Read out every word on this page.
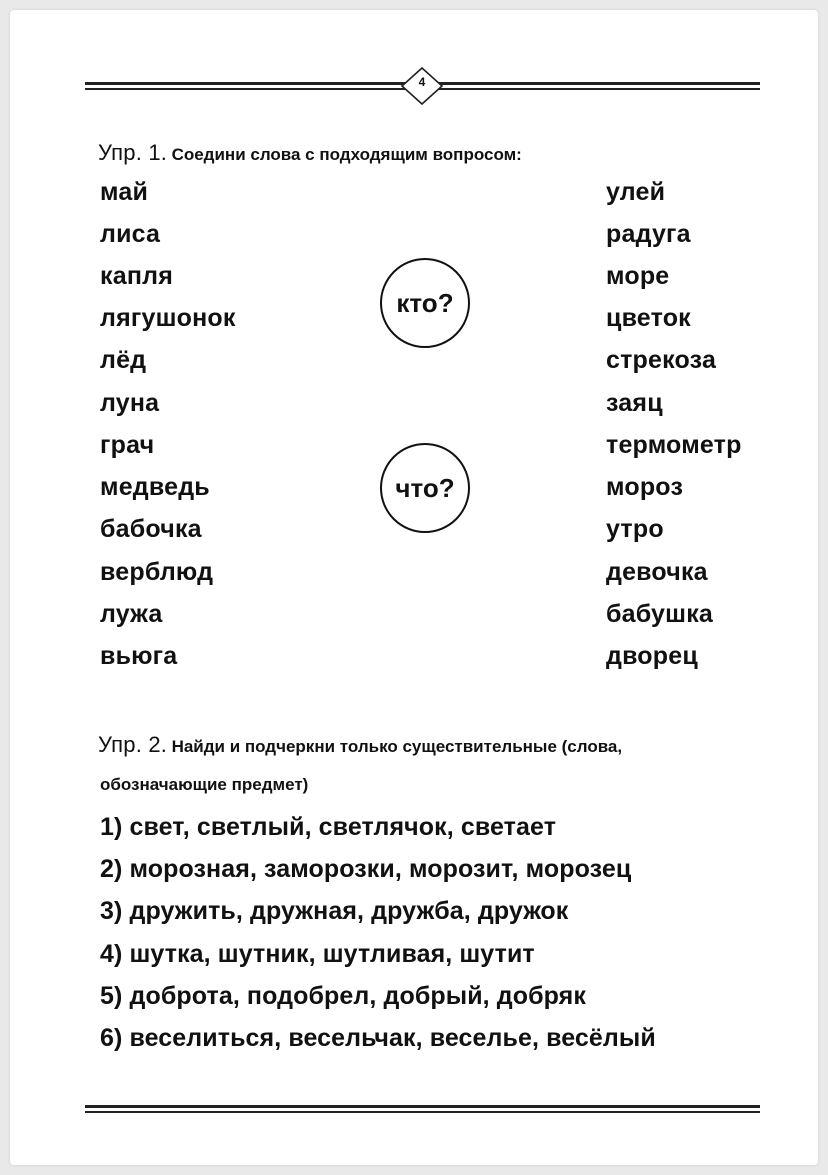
4
Упр. 1. Соедини слова с подходящим вопросом:
май
лиса
капля
лягушонок
лёд
луна
грач
медведь
бабочка
верблюд
лужа
вьюга
кто?
что?
улей
радуга
море
цветок
стрекоза
заяц
термометр
мороз
утро
девочка
бабушка
дворец
Упр. 2. Найди и подчеркни только существительные (слова,
обозначающие предмет)
1) свет, светлый, светлячок, светает
2) морозная, заморозки, морозит, морозец
3) дружить, дружная, дружба, дружок
4) шутка, шутник, шутливая, шутит
5) доброта, подобрел, добрый, добряк
6) веселиться, весельчак, веселье, весёлый
